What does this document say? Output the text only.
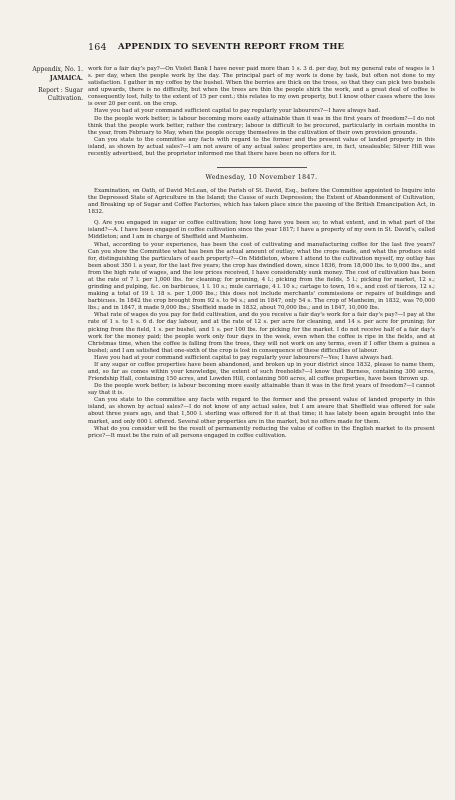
164 APPENDIX TO SEVENTH REPORT FROM THE
Appendix, No. 1.
JAMAICA.
Report : Sugar Cultivation.

work for a fair day's pay?—On Violet Bank I have never paid more than 1 s. 3 d. per day, but my general rate of wages is 1 s. per day, when the people work by the day. The principal part of my work is done by task, but often not done to my satisfaction. I gather in my coffee by the bushel. When the berries are thick on the trees, so that they can pick two bushels and upwards, there is no difficulty, but when the trees are thin the people shirk the work, and a great deal of coffee is consequently lost, fully to the extent of 15 per cent.; this relates to my own property, but I know other cases where the loss is over 20 per cent. on the crop.

Have you had at your command sufficient capital to pay regularly your labourers?—I have always had.

Do the people work better; is labour becoming more easily attainable than it was in the first years of freedom?—I do not think that the people work better, rather the contrary; labour is difficult to be procured, particularly in certain months in the year, from February to May, when the people occupy themselves in the cultivation of their own provision grounds.

Can you state to the committee any facts with regard to the former and the present value of landed property in this island, as shown by actual sales?—I am not aware of any actual sales: properties are, in fact, unsaleable; Silver Hill was recently advertised, but the proprietor informed me that there have been no offers for it.

Wednesday, 10 November 1847.

Examination, on Oath, of David McLean, of the Parish of St. David, Esq., before the Committee appointed to Inquire into the Depressed State of Agriculture in the Island; the Cause of such Depression; the Extent of Abandonment of Cultivation, and Breaking up of Sugar and Coffee Factories, which has taken place since the passing of the British Emancipation Act, in 1832.

Q. Are you engaged in sugar or coffee cultivation; how long have you been so; to what extent, and in what part of the island?—A. I have been engaged in coffee cultivation since the year 1817; I have a property of my own in St. David's, called Middleton; and I am in charge of Sheffield and Manheim.

What, according to your experience, has been the cost of cultivating and manufacturing coffee for the last five years? Can you show the Committee what has been the actual amount of outlay; what the crops made, and what the produce sold for, distinguishing the particulars of each property?—On Middleton, where I attend to the cultivation myself, my outlay has been about 350 l. a year, for the last five years; the crop has dwindled down, since 1836, from 18,000 lbs. to 9,000 lbs., and from the high rate of wages, and the low prices received, I have considerably sunk money. The cost of cultivation has been at the rate of 7 l. per 1,000 lbs. for cleaning; for pruning, 4 l.; picking from the fields, 5 l.; picking for market, 12 s.; grinding and pulping, &c. on barbicues, 1 l. 10 s.; mule carriage, 4 l. 10 s.; cartage to town, 16 s., and cost of tierces, 12 s.; making a total of 19 l. 18 s. per 1,000 lbs.; this does not include merchants' commissions or repairs of buildings and barbicues. In 1842 the crop brought from 92 s. to 94 s.; and in 1847, only 54 s. The crop of Manheim, in 1832, was 70,000 lbs.; and in 1847, it made 9,000 lbs.; Sheffield made in 1832, about 70,000 lbs.; and in 1847, 10,000 lbs.

What rate of wages do you pay for field cultivation, and do you receive a fair day's work for a fair day's pay?—I pay at the rate of 1 s. to 1 s. 6 d. for day labour, and at the rate of 12 s. per acre for cleaning, and 14 s. per acre for pruning; for picking from the field, 1 s. per bushel, and 1 s. per 100 lbs. for picking for the market. I do not receive half of a fair day's work for the money paid; the people work only four days in the week, even when the coffee is ripe in the fields, and at Christmas time, when the coffee is falling from the trees, they will not work on any terms, even if I offer them a guinea a bushel; and I am satisfied that one-sixth of the crop is lost in consequence of these difficulties of labour.

Have you had at your command sufficient capital to pay regularly your labourers?—Yes; I have always had.

If any sugar or coffee properties have been abandoned, and broken up in your district since 1832, please to name them, and, so far as comes within your knowledge, the extent of such freeholds?—I know that Burness, containing 300 acres, Friendship Hall, containing 150 acres, and Lowden Hill, containing 500 acres, all coffee properties, have been thrown up.

Do the people work better; is labour becoming more easily attainable than it was in the first years of freedom?—I cannot say that it is.

Can you state to the committee any facts with regard to the former and the present value of landed property in this island, as shown by actual sales?—I do not know of any actual sales, but I am aware that Sheffield was offered for sale about three years ago, and that 1,500 l. sterling was offered for it at that time; it has lately been again brought into the market, and only 600 l. offered. Several other properties are in the market, but no offers made for them.

What do you consider will be the result of permanently reducing the value of coffee in the English market to its present price?—It must be the ruin of all persons engaged in coffee cultivation.
